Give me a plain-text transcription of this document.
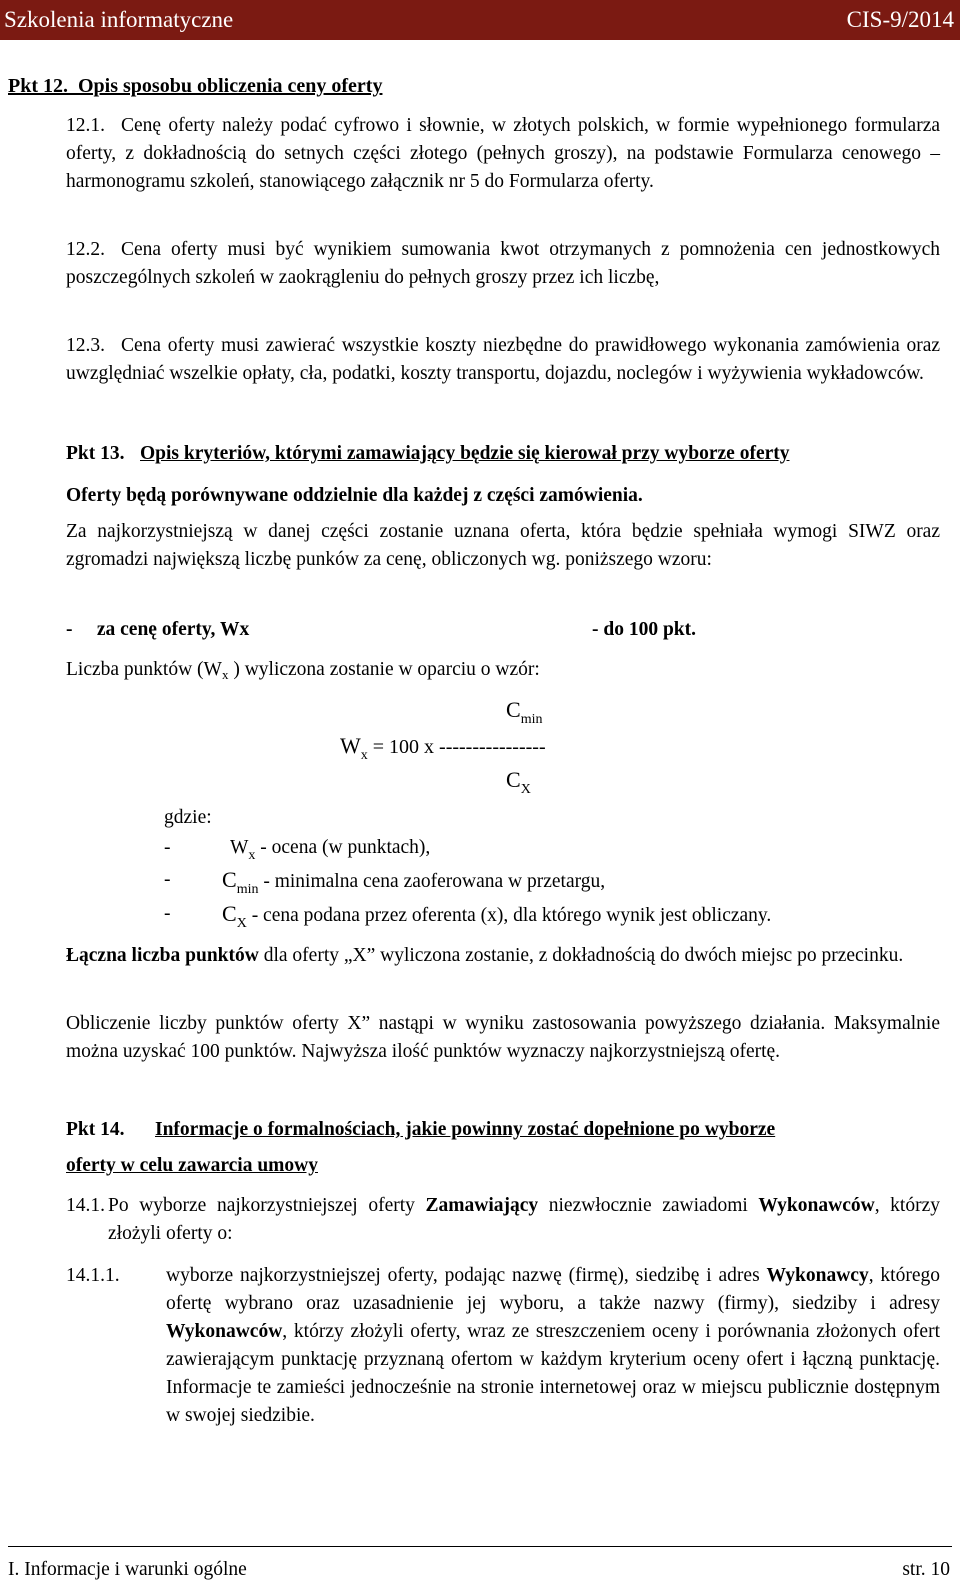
Szkolenia informatyczne	CIS-9/2014
Pkt 12.  Opis sposobu obliczenia ceny oferty
12.1. Cenę oferty należy podać cyfrowo i słownie, w złotych polskich, w formie wypełnionego formularza oferty, z dokładnością do setnych części złotego (pełnych groszy), na podstawie Formularza cenowego – harmonogramu szkoleń, stanowiącego załącznik nr 5 do Formularza oferty.
12.2. Cena oferty musi być wynikiem sumowania kwot otrzymanych z pomnożenia cen jednostkowych poszczególnych szkoleń w zaokrągleniu do pełnych groszy przez ich liczbę,
12.3. Cena oferty musi zawierać wszystkie koszty niezbędne do prawidłowego wykonania zamówienia oraz uwzględniać wszelkie opłaty, cła, podatki, koszty transportu, dojazdu, noclegów i wyżywienia wykładowców.
Pkt 13. Opis kryteriów, którymi zamawiający będzie się kierował przy wyborze oferty
Oferty będą porównywane oddzielnie dla każdej z części zamówienia.
Za najkorzystniejszą w danej części zostanie uznana oferta, która będzie spełniała wymogi SIWZ oraz zgromadzi największą liczbę punków za cenę, obliczonych wg. poniższego wzoru:
-     za cenę oferty, Wx	- do 100 pkt.
Liczba punktów ($W_x$ ) wyliczona zostanie w oparciu o wzór:
$C_{min}$
$W_x = 100$ x ----------------
$C_X$
gdzie:
-	$W_x$ - ocena (w punktach),
- $C_{min}$ - minimalna cena zaoferowana w przetargu,
- $C_X$ - cena podana przez oferenta (x), dla którego wynik jest obliczany.
Łączna liczba punktów dla oferty „X” wyliczona zostanie, z dokładnością do dwóch miejsc po przecinku.
Obliczenie liczby punktów oferty X” nastąpi w wyniku zastosowania powyższego działania. Maksymalnie można uzyskać 100 punktów. Najwyższa ilość punktów wyznaczy najkorzystniejszą ofertę.
Pkt 14. Informacje o formalnościach, jakie powinny zostać dopełnione po wyborze
oferty w celu zawarcia umowy
14.1. Po wyborze najkorzystniejszej oferty Zamawiający niezwłocznie zawiadomi Wykonawców, którzy złożyli oferty o:
14.1.1. wyborze najkorzystniejszej oferty, podając nazwę (firmę), siedzibę i adres Wykonawcy, którego ofertę wybrano oraz uzasadnienie jej wyboru, a także nazwy (firmy), siedziby i adresy Wykonawców, którzy złożyli oferty, wraz ze streszczeniem oceny i porównania złożonych ofert zawierającym punktację przyznaną ofertom w każdym kryterium oceny ofert i łączną punktację. Informacje te zamieści jednocześnie na stronie internetowej oraz w miejscu publicznie dostępnym w swojej siedzibie.
I. Informacje i warunki ogólne	str. 10
